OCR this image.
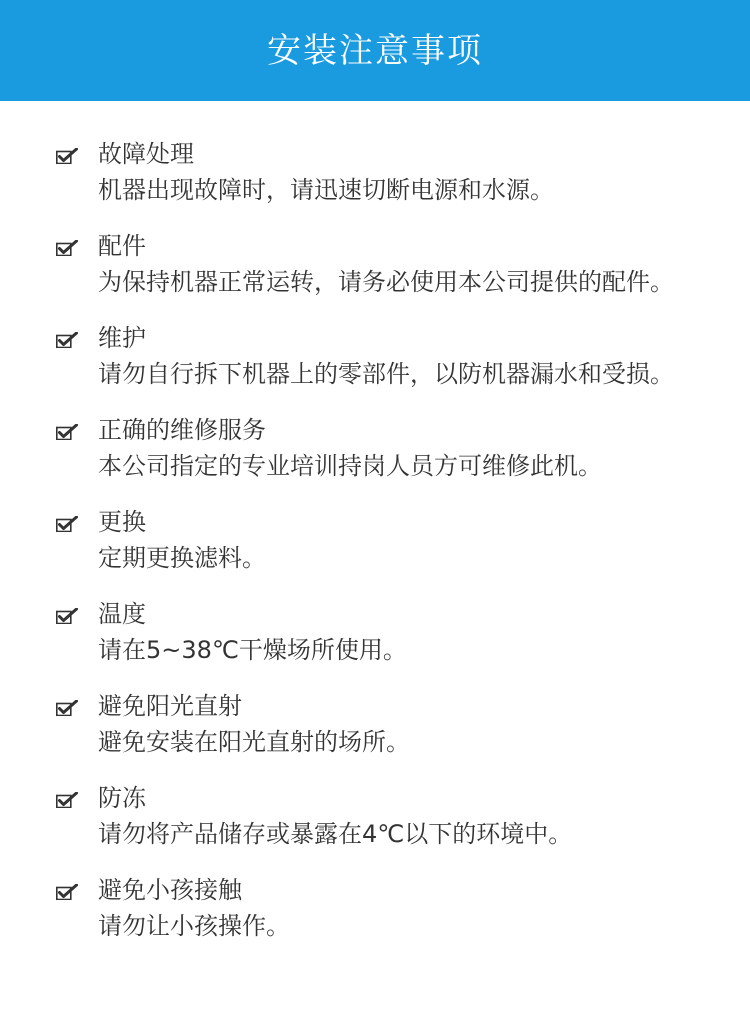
安装注意事项
故障处理
机器出现故障时，请迅速切断电源和水源。
配件
为保持机器正常运转，请务必使用本公司提供的配件。
维护
请勿自行拆下机器上的零部件，以防机器漏水和受损。
正确的维修服务
本公司指定的专业培训持岗人员方可维修此机。
更换
定期更换滤料。
温度
请在5~38℃干燥场所使用。
避免阳光直射
避免安装在阳光直射的场所。
防冻
请勿将产品储存或暴露在4℃以下的环境中。
避免小孩接触
请勿让小孩操作。
